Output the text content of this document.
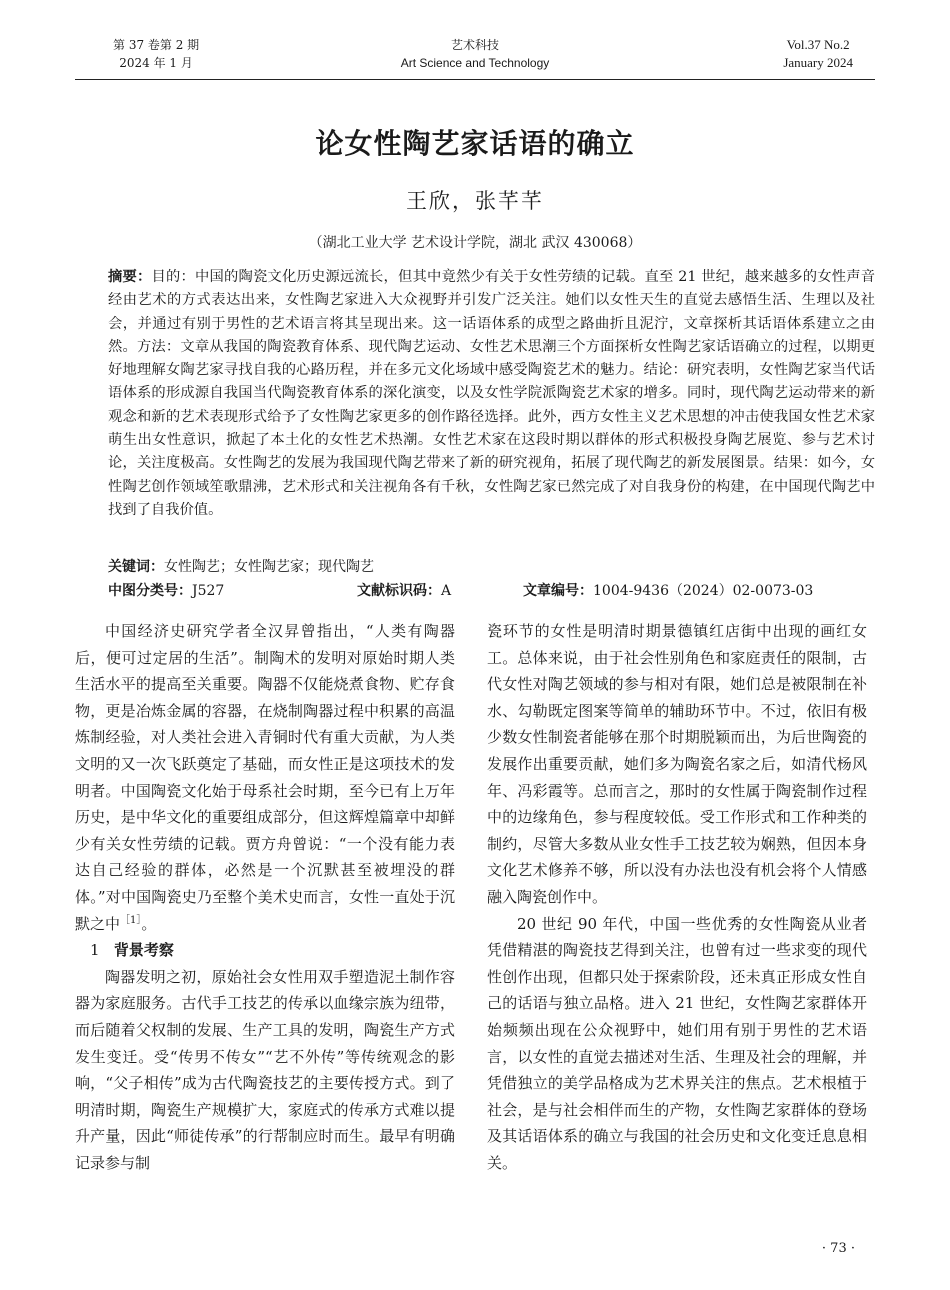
第 37 卷第 2 期
2024 年 1 月
艺术科技
Art Science and Technology
Vol.37 No.2
January 2024
论女性陶艺家话语的确立
王欣，张芊芊
（湖北工业大学 艺术设计学院，湖北 武汉 430068）
摘要：目的：中国的陶瓷文化历史源远流长，但其中竟然少有关于女性劳绩的记载。直至 21 世纪，越来越多的女性声音经由艺术的方式表达出来，女性陶艺家进入大众视野并引发广泛关注。她们以女性天生的直觉去感悟生活、生理以及社会，并通过有别于男性的艺术语言将其呈现出来。这一话语体系的成型之路曲折且泥泞，文章探析其话语体系建立之由然。方法：文章从我国的陶瓷教育体系、现代陶艺运动、女性艺术思潮三个方面探析女性陶艺家话语确立的过程，以期更好地理解女陶艺家寻找自我的心路历程，并在多元文化场域中感受陶瓷艺术的魅力。结论：研究表明，女性陶艺家当代话语体系的形成源自我国当代陶瓷教育体系的深化演变，以及女性学院派陶瓷艺术家的增多。同时，现代陶艺运动带来的新观念和新的艺术表现形式给予了女性陶艺家更多的创作路径选择。此外，西方女性主义艺术思想的冲击使我国女性艺术家萌生出女性意识，掀起了本土化的女性艺术热潮。女性艺术家在这段时期以群体的形式积极投身陶艺展览、参与艺术讨论，关注度极高。女性陶艺的发展为我国现代陶艺带来了新的研究视角，拓展了现代陶艺的新发展图景。结果：如今，女性陶艺创作领域笙歌鼎沸，艺术形式和关注视角各有千秋，女性陶艺家已然完成了对自我身份的构建，在中国现代陶艺中找到了自我价值。
关键词：女性陶艺；女性陶艺家；现代陶艺
中图分类号：J527	文献标识码：A	文章编号：1004-9436（2024）02-0073-03

中国经济史研究学者全汉昇曾指出，“人类有陶器后，便可过定居的生活”。制陶术的发明对原始时期人类生活水平的提高至关重要。陶器不仅能烧煮食物、贮存食物，更是冶炼金属的容器，在烧制陶器过程中积累的高温炼制经验，对人类社会进入青铜时代有重大贡献，为人类文明的又一次飞跃奠定了基础，而女性正是这项技术的发明者。中国陶瓷文化始于母系社会时期，至今已有上万年历史，是中华文化的重要组成部分，但这辉煌篇章中却鲜少有关女性劳绩的记载。贾方舟曾说：“一个没有能力表达自己经验的群体，必然是一个沉默甚至被埋没的群体。”对中国陶瓷史乃至整个美术史而言，女性一直处于沉默之中$^{[1]}$。

1 背景考察

陶器发明之初，原始社会女性用双手塑造泥土制作容器为家庭服务。古代手工技艺的传承以血缘宗族为纽带，而后随着父权制的发展、生产工具的发明，陶瓷生产方式发生变迁。受“传男不传女”“艺不外传”等传统观念的影响，“父子相传”成为古代陶瓷技艺的主要传授方式。到了明清时期，陶瓷生产规模扩大，家庭式的传承方式难以提升产量，因此“师徒传承”的行帮制应时而生。最早有明确记录参与制

瓷环节的女性是明清时期景德镇红店街中出现的画红女工。总体来说，由于社会性别角色和家庭责任的限制，古代女性对陶艺领域的参与相对有限，她们总是被限制在补水、勾勒既定图案等简单的辅助环节中。不过，依旧有极少数女性制瓷者能够在那个时期脱颖而出，为后世陶瓷的发展作出重要贡献，她们多为陶瓷名家之后，如清代杨风年、冯彩霞等。总而言之，那时的女性属于陶瓷制作过程中的边缘角色，参与程度较低。受工作形式和工作种类的制约，尽管大多数从业女性手工技艺较为娴熟，但因本身文化艺术修养不够，所以没有办法也没有机会将个人情感融入陶瓷创作中。

20 世纪 90 年代，中国一些优秀的女性陶瓷从业者凭借精湛的陶瓷技艺得到关注，也曾有过一些求变的现代性创作出现，但都只处于探索阶段，还未真正形成女性自己的话语与独立品格。进入 21 世纪，女性陶艺家群体开始频频出现在公众视野中，她们用有别于男性的艺术语言，以女性的直觉去描述对生活、生理及社会的理解，并凭借独立的美学品格成为艺术界关注的焦点。艺术根植于社会，是与社会相伴而生的产物，女性陶艺家群体的登场及其话语体系的确立与我国的社会历史和文化变迁息息相关。

· 73 ·
